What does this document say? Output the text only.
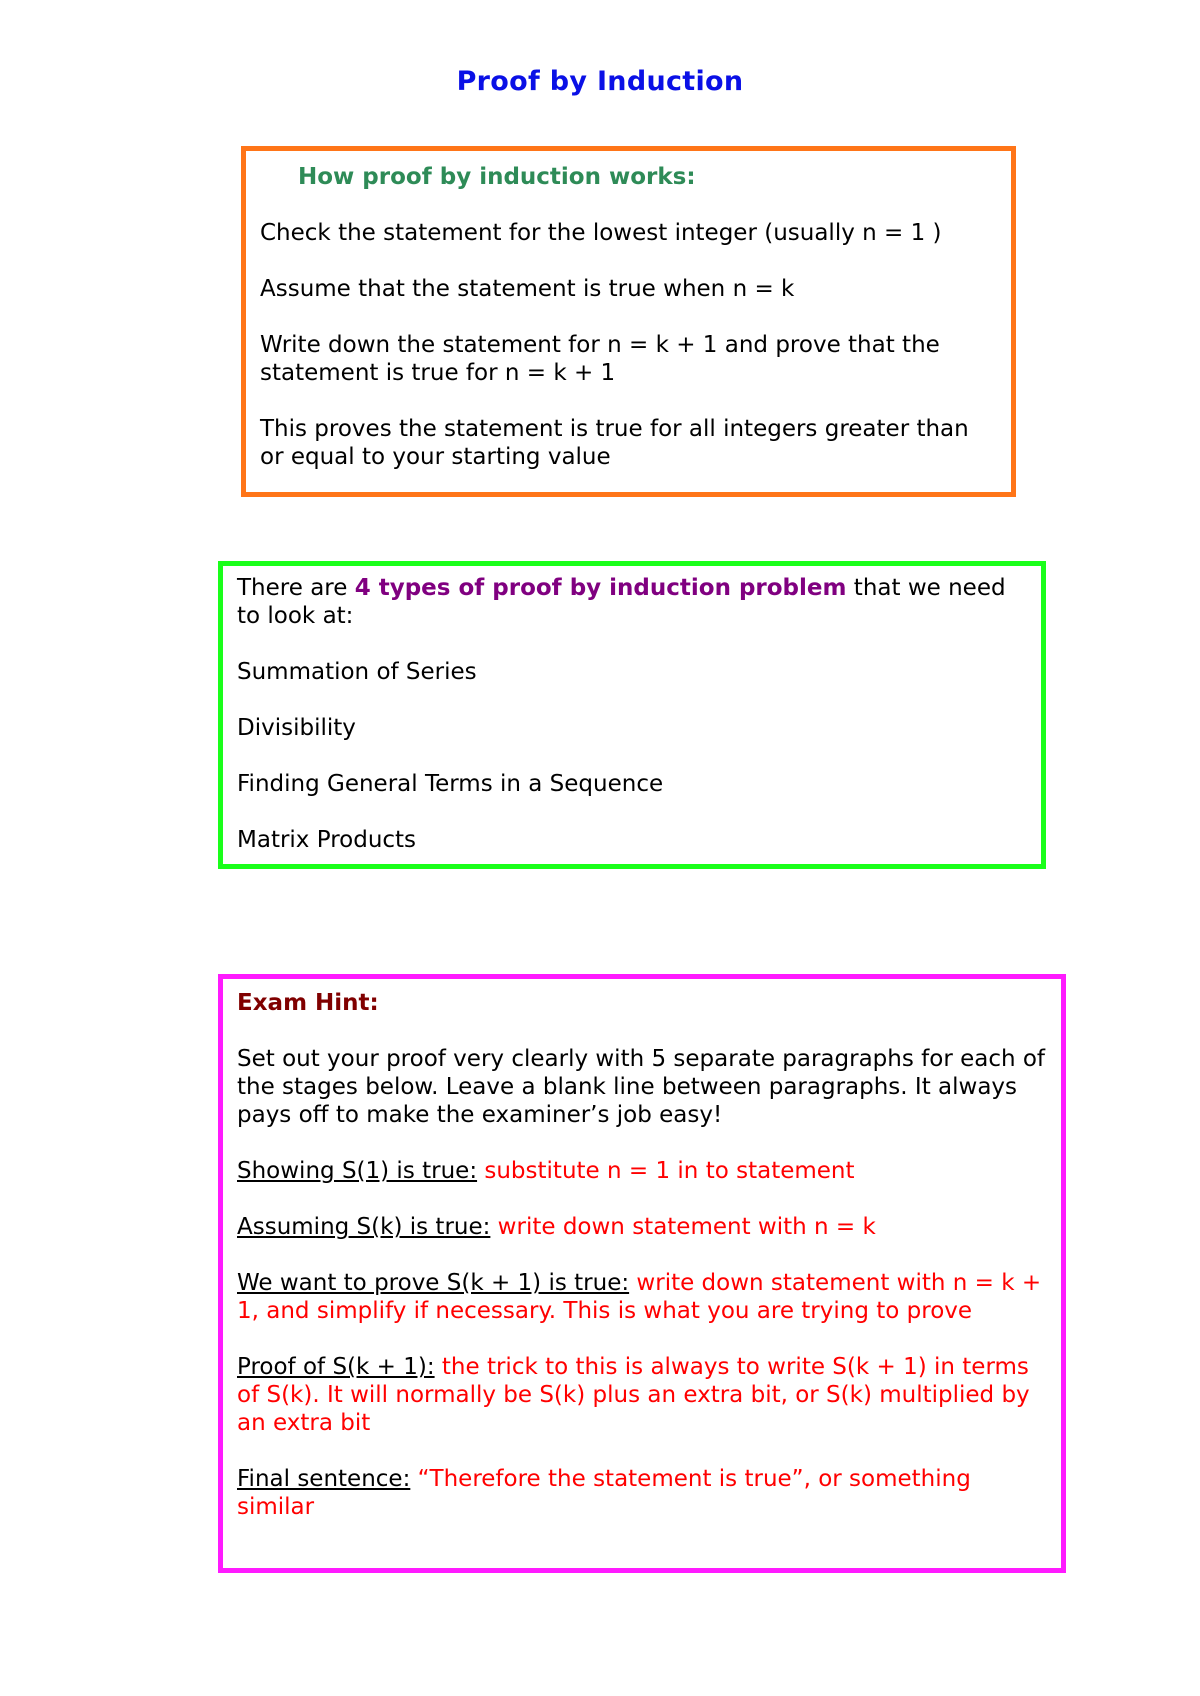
Proof by Induction

How proof by induction works:

Check the statement for the lowest integer (usually n = 1 )

Assume that the statement is true when n = k

Write down the statement for n = k + 1 and prove that the statement is true for n = k + 1

This proves the statement is true for all integers greater than or equal to your starting value

There are 4 types of proof by induction problem that we need to look at:

Summation of Series

Divisibility

Finding General Terms in a Sequence

Matrix Products

Exam Hint:

Set out your proof very clearly with 5 separate paragraphs for each of the stages below. Leave a blank line between paragraphs. It always pays off to make the examiner’s job easy!

Showing S(1) is true: substitute n = 1 in to statement

Assuming S(k) is true: write down statement with n = k

We want to prove S(k + 1) is true: write down statement with n = k + 1, and simplify if necessary. This is what you are trying to prove

Proof of S(k + 1): the trick to this is always to write S(k + 1) in terms of S(k). It will normally be S(k) plus an extra bit, or S(k) multiplied by an extra bit

Final sentence: “Therefore the statement is true”, or something similar
